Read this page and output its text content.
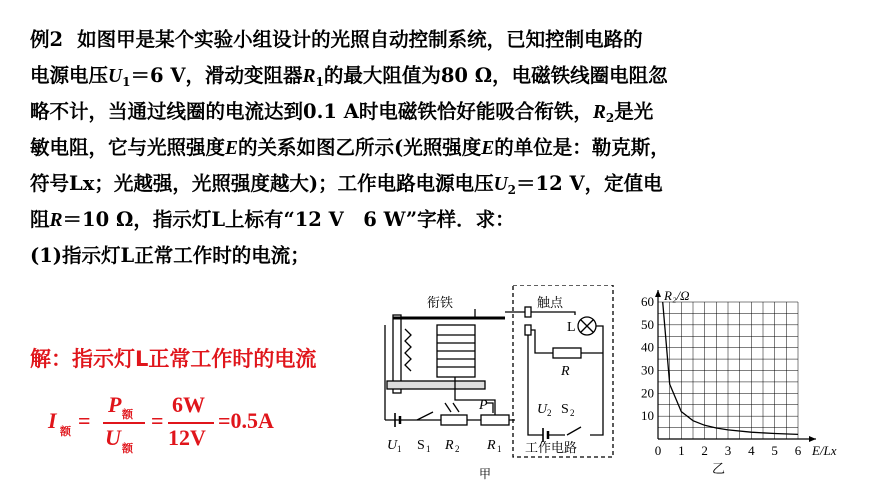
例2 如图甲是某个实验小组设计的光照自动控制系统，已知控制电路的
电源电压$U_1=6$ V，滑动变阻器$R_1$的最大阻值为80 Ω，电磁铁线圈电阻忽
略不计，当通过线圈的电流达到0.1 A时电磁铁恰好能吸合衔铁，$R_2$是光
敏电阻，它与光照强度E的关系如图乙所示(光照强度E的单位是：勒克斯，
符号Lx；光越强，光照强度越大)；工作电路电源电压$U_2=12$ V，定值电
阻R＝10 Ω，指示灯L上标有“12 V　6 W”字样．求：
(1)指示灯L正常工作时的电流；
解：指示灯L正常工作时的电流
I 额 =
P 额
U 额
=
6W
12V
=0.5A
衔铁	触点
L
R
U 2 S 2
P
U 1 S 1 R 2 R 1 工作电路
甲
0 1 2 3 4 5 6
10
20
30
40
50
60 R₂/Ω
E/Lx
乙
